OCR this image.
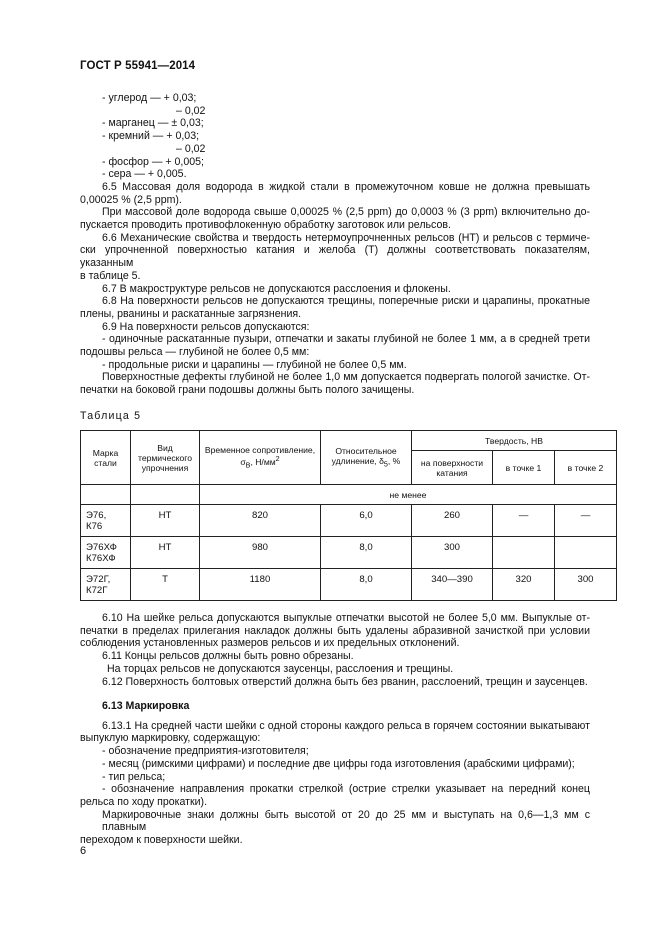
ГОСТ Р 55941—2014
- углерод — + 0,03;
– 0,02
- марганец — ± 0,03;
- кремний — + 0,03;
– 0,02
- фосфор — + 0,005;
- сера — + 0,005.
6.5 Массовая доля водорода в жидкой стали в промежуточном ковше не должна превышать
0,00025 % (2,5 ppm).
При массовой доле водорода свыше 0,00025 % (2,5 ppm) до 0,0003 % (3 ppm) включительно до-
пускается проводить противофлокенную обработку заготовок или рельсов.
6.6 Механические свойства и твердость нетермоупрочненных рельсов (НТ) и рельсов с термиче-
ски упрочненной поверхностью катания и желоба (Т) должны соответствовать показателям, указанным
в таблице 5.
6.7 В макроструктуре рельсов не допускаются расслоения и флокены.
6.8 На поверхности рельсов не допускаются трещины, поперечные риски и царапины, прокатные
плены, рванины и раскатанные загрязнения.
6.9 На поверхности рельсов допускаются:
- одиночные раскатанные пузыри, отпечатки и закаты глубиной не более 1 мм, а в средней трети
подошвы рельса — глубиной не более 0,5 мм:
- продольные риски и царапины — глубиной не более 0,5 мм.
Поверхностные дефекты глубиной не более 1,0 мм допускается подвергать пологой зачистке. От-
печатки на боковой грани подошвы должны быть полого зачищены.
Таблица 5
Марка стали	Вид термического упрочнения	Временное сопротивление, $\sigma_В$, $Н/мм^2$	Относительное удлинение, $\delta_5$, %	Твердость, НВ		
				на поверхности катания	в точке 1	в точке 2
		не менее				
Э76,
К76	НТ	820	6,0	260	—	—
Э76ХФ
К76ХФ	НТ	980	8,0	300		
Э72Г,
К72Г	Т	1180	8,0	340—390	320	300
6.10 На шейке рельса допускаются выпуклые отпечатки высотой не более 5,0 мм. Выпуклые от-
печатки в пределах прилегания накладок должны быть удалены абразивной зачисткой при условии
соблюдения установленных размеров рельсов и их предельных отклонений.
6.11 Концы рельсов должны быть ровно обрезаны.
На торцах рельсов не допускаются заусенцы, расслоения и трещины.
6.12 Поверхность болтовых отверстий должна быть без рванин, расслоений, трещин и заусенцев.
6.13 Маркировка
6.13.1 На средней части шейки с одной стороны каждого рельса в горячем состоянии выкатывают
выпуклую маркировку, содержащую:
- обозначение предприятия-изготовителя;
- месяц (римскими цифрами) и последние две цифры года изготовления (арабскими цифрами);
- тип рельса;
- обозначение направления прокатки стрелкой (острие стрелки указывает на передний конец
рельса по ходу прокатки).
Маркировочные знаки должны быть высотой от 20 до 25 мм и выступать на 0,6—1,3 мм с плавным
переходом к поверхности шейки.
6
